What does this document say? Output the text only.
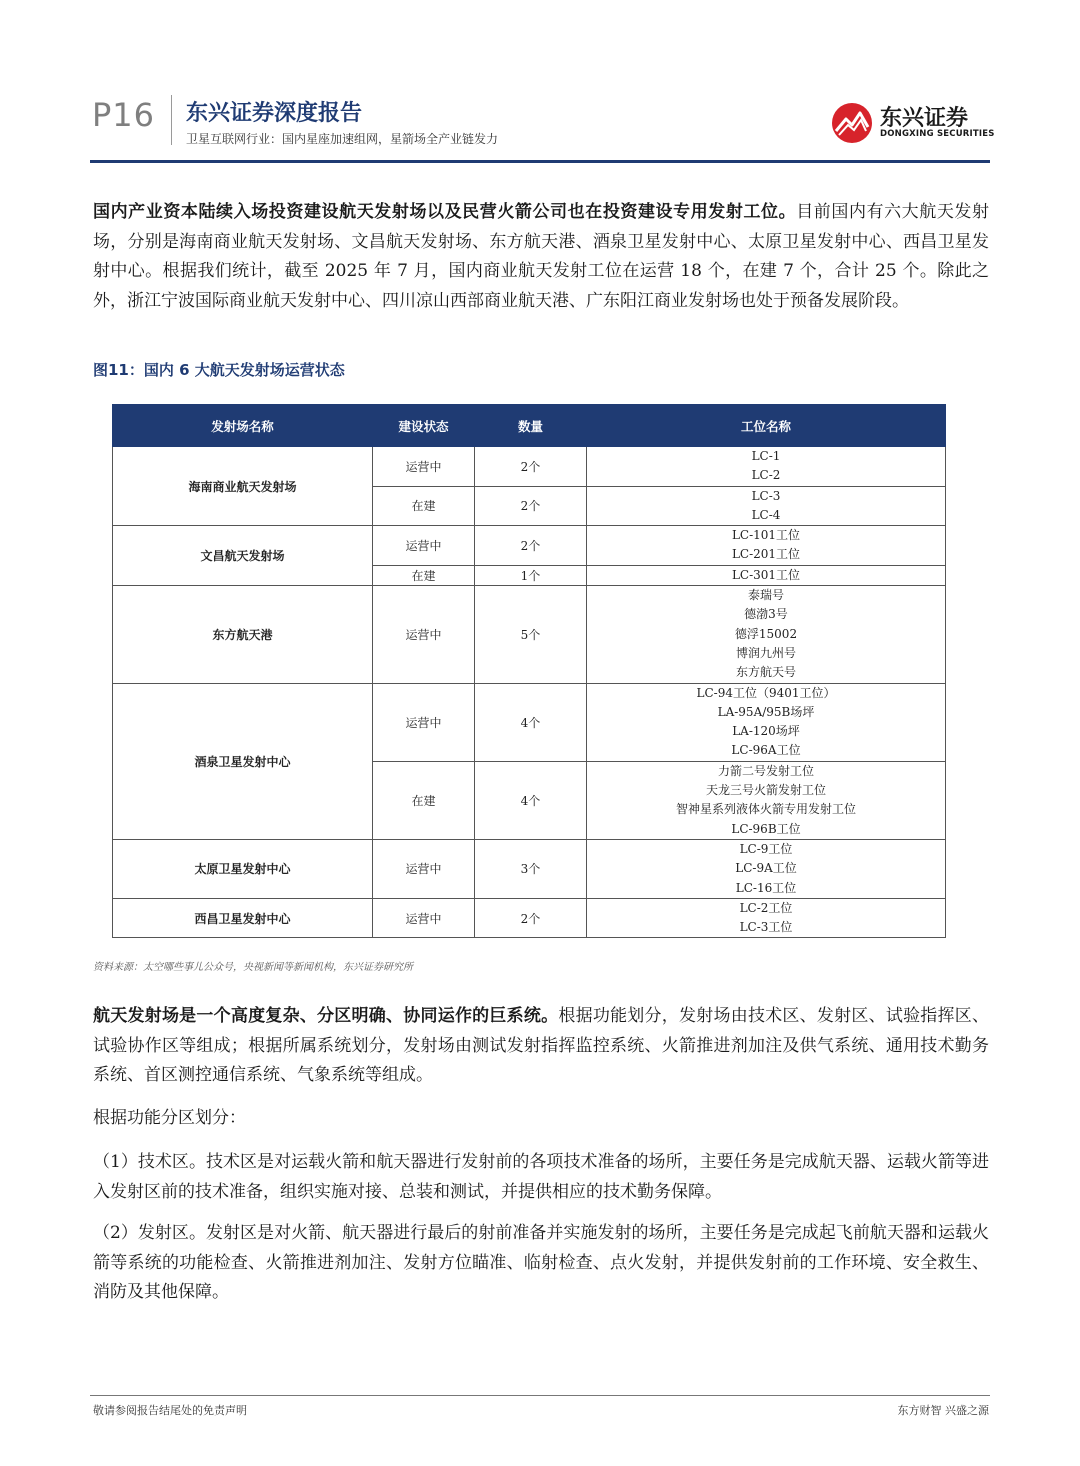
P16 东兴证券深度报告
卫星互联网行业：国内星座加速组网，星箭场全产业链发力
东兴证券
DONGXING SECURITIES
国内产业资本陆续入场投资建设航天发射场以及民营火箭公司也在投资建设专用发射工位。目前国内有六大航天发射场，分别是海南商业航天发射场、文昌航天发射场、东方航天港、酒泉卫星发射中心、太原卫星发射中心、西昌卫星发射中心。根据我们统计，截至 2025 年 7 月，国内商业航天发射工位在运营 18 个，在建 7 个，合计 25 个。除此之外，浙江宁波国际商业航天发射中心、四川凉山西部商业航天港、广东阳江商业发射场也处于预备发展阶段。
图11：国内 6 大航天发射场运营状态
发射场名称	建设状态	数量	工位名称
海南商业航天发射场	运营中	2个	LC-1
LC-2

	在建	2个	LC-3
LC-4

文昌航天发射场	运营中	2个	LC-101工位
LC-201工位

	在建	1个	LC-301工位

东方航天港	运营中	5个	泰瑞号
德渤3号
德浮15002
博润九州号
东方航天号

酒泉卫星发射中心	运营中	4个	LC-94工位（9401工位）
LA-95A/95B场坪
LA-120场坪
LC-96A工位

	在建	4个	力箭二号发射工位
天龙三号火箭发射工位
智神星系列液体火箭专用发射工位
LC-96B工位

太原卫星发射中心	运营中	3个	LC-9工位
LC-9A工位
LC-16工位

西昌卫星发射中心	运营中	2个	LC-2工位
LC-3工位
资料来源：太空哪些事儿公众号，央视新闻等新闻机构，东兴证券研究所
航天发射场是一个高度复杂、分区明确、协同运作的巨系统。根据功能划分，发射场由技术区、发射区、试验指挥区、试验协作区等组成；根据所属系统划分，发射场由测试发射指挥监控系统、火箭推进剂加注及供气系统、通用技术勤务系统、首区测控通信系统、气象系统等组成。
根据功能分区划分：
（1）技术区。技术区是对运载火箭和航天器进行发射前的各项技术准备的场所，主要任务是完成航天器、运载火箭等进入发射区前的技术准备，组织实施对接、总装和测试，并提供相应的技术勤务保障。
（2）发射区。发射区是对火箭、航天器进行最后的射前准备并实施发射的场所，主要任务是完成起飞前航天器和运载火箭等系统的功能检查、火箭推进剂加注、发射方位瞄准、临射检查、点火发射，并提供发射前的工作环境、安全救生、消防及其他保障。
敬请参阅报告结尾处的免责声明	东方财智 兴盛之源
